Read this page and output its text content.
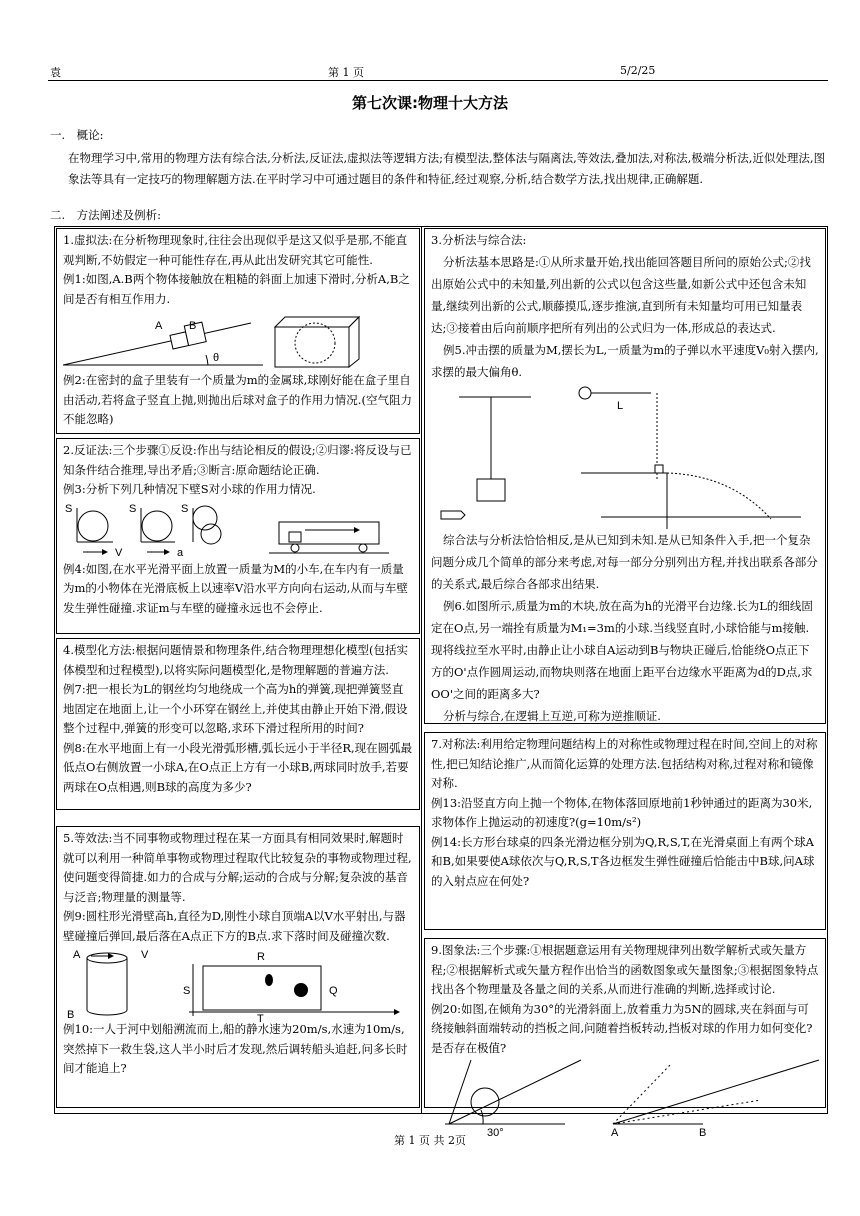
袁	第 1 页	5/2/25
第七次课:物理十大方法
一.　概论:
在物理学习中,常用的物理方法有综合法,分析法,反证法,虚拟法等逻辑方法;有模型法,整体法与隔离法,等效法,叠加法,对称法,极端分析法,近似处理法,图象法等具有一定技巧的物理解题方法.在平时学习中可通过题目的条件和特征,经过观察,分析,结合数学方法,找出规律,正确解题.
二.　方法阐述及例析:

1.虚拟法:在分析物理现象时,往往会出现似乎是这又似乎是那,不能直观判断,不妨假定一种可能性存在,再从此出发研究其它可能性.

例1:如图,A.B两个物体接触放在粗糙的斜面上加速下滑时,分析A,B之间是否有相互作用力.

A B
θ

例2:在密封的盒子里装有一个质量为m的金属球,球刚好能在盒子里自由活动,若将盒子竖直上抛,则抛出后球对盒子的作用力情况.(空气阻力不能忽略)

2.反证法:三个步骤①反设:作出与结论相反的假设;②归谬:将反设与已知条件结合推理,导出矛盾;③断言:原命题结论正确.

例3:分析下列几种情况下壁S对小球的作用力情况.

S
V
S
a
S

例4:如图,在水平光滑平面上放置一质量为M的小车,在车内有一质量为m的小物体在光滑底板上以速率V沿水平方向向右运动,从而与车壁发生弹性碰撞.求证m与车壁的碰撞永远也不会停止.

4.模型化方法:根据问题情景和物理条件,结合物理理想化模型(包括实体模型和过程模型),以将实际问题模型化,是物理解题的普遍方法.

例7:把一根长为L的钢丝均匀地绕成一个高为h的弹簧,现把弹簧竖直地固定在地面上,让一个小环穿在钢丝上,并使其由静止开始下滑,假设整个过程中,弹簧的形变可以忽略,求环下滑过程所用的时间?

例8:在水平地面上有一小段光滑弧形槽,弧长远小于半径R,现在圆弧最低点O右侧放置一小球A,在O点正上方有一小球B,两球同时放手,若要两球在O点相遇,则B球的高度为多少?

5.等效法:当不同事物或物理过程在某一方面具有相同效果时,解题时就可以利用一种简单事物或物理过程取代比较复杂的事物或物理过程,使问题变得简捷.如力的合成与分解;运动的合成与分解;复杂波的基音与泛音;物理量的测量等.

例9:圆柱形光滑壁高h,直径为D,刚性小球自顶端A以V水平射出,与器壁碰撞后弹回,最后落在A点正下方的B点.求下落时间及碰撞次数.

A	V
B
R
S	Q
T

例10:一人于河中划船溯流而上,船的静水速为20m/s,水速为10m/s,突然掉下一救生袋,这人半小时后才发现,然后调转船头追赶,问多长时间才能追上?

3.分析法与综合法:

分析法基本思路是:①从所求量开始,找出能回答题目所问的原始公式;②找出原始公式中的未知量,列出新的公式以包含这些量,如新公式中还包含未知量,继续列出新的公式,顺藤摸瓜,逐步推演,直到所有未知量均可用已知量表达;③接着由后向前顺序把所有列出的公式归为一体,形成总的表达式.

例5.冲击摆的质量为M,摆长为L,一质量为m的子弹以水平速度V₀射入摆内,求摆的最大偏角θ.

L

综合法与分析法恰恰相反,是从已知到未知.是从已知条件入手,把一个复杂问题分成几个简单的部分来考虑,对每一部分分别列出方程,并找出联系各部分的关系式,最后综合各部求出结果.

例6.如图所示,质量为m的木块,放在高为h的光滑平台边缘.长为L的细线固定在O点,另一端拴有质量为M₁=3m的小球.当线竖直时,小球恰能与m接触.现将线拉至水平时,由静止让小球自A运动到B与物块正碰后,恰能绕O点正下方的O'点作圆周运动,而物块则落在地面上距平台边缘水平距离为d的D点,求OO'之间的距离多大?

分析与综合,在逻辑上互逆,可称为逆推顺证.

7.对称法:利用给定物理问题结构上的对称性或物理过程在时间,空间上的对称性,把已知结论推广,从而简化运算的处理方法.包括结构对称,过程对称和镜像对称.

例13:沿竖直方向上抛一个物体,在物体落回原地前1秒钟通过的距离为30米,求物体作上抛运动的初速度?(g=10m/s²)

例14:长方形台球桌的四条光滑边框分别为Q,R,S,T,在光滑桌面上有两个球A和B,如果要使A球依次与Q,R,S,T各边框发生弹性碰撞后恰能击中B球,问A球的入射点应在何处?

9.图象法:三个步骤:①根据题意运用有关物理规律列出数学解析式或矢量方程;②根据解析式或矢量方程作出恰当的函数图象或矢量图象;③根据图象特点找出各个物理量及各量之间的关系,从而进行准确的判断,选择或讨论.

例20:如图,在倾角为30°的光滑斜面上,放着重力为5N的圆球,夹在斜面与可绕接触斜面端转动的挡板之间,问随着挡板转动,挡板对球的作用力如何变化?是否存在极值?

30°	A	B
第 1 页 共 2页
